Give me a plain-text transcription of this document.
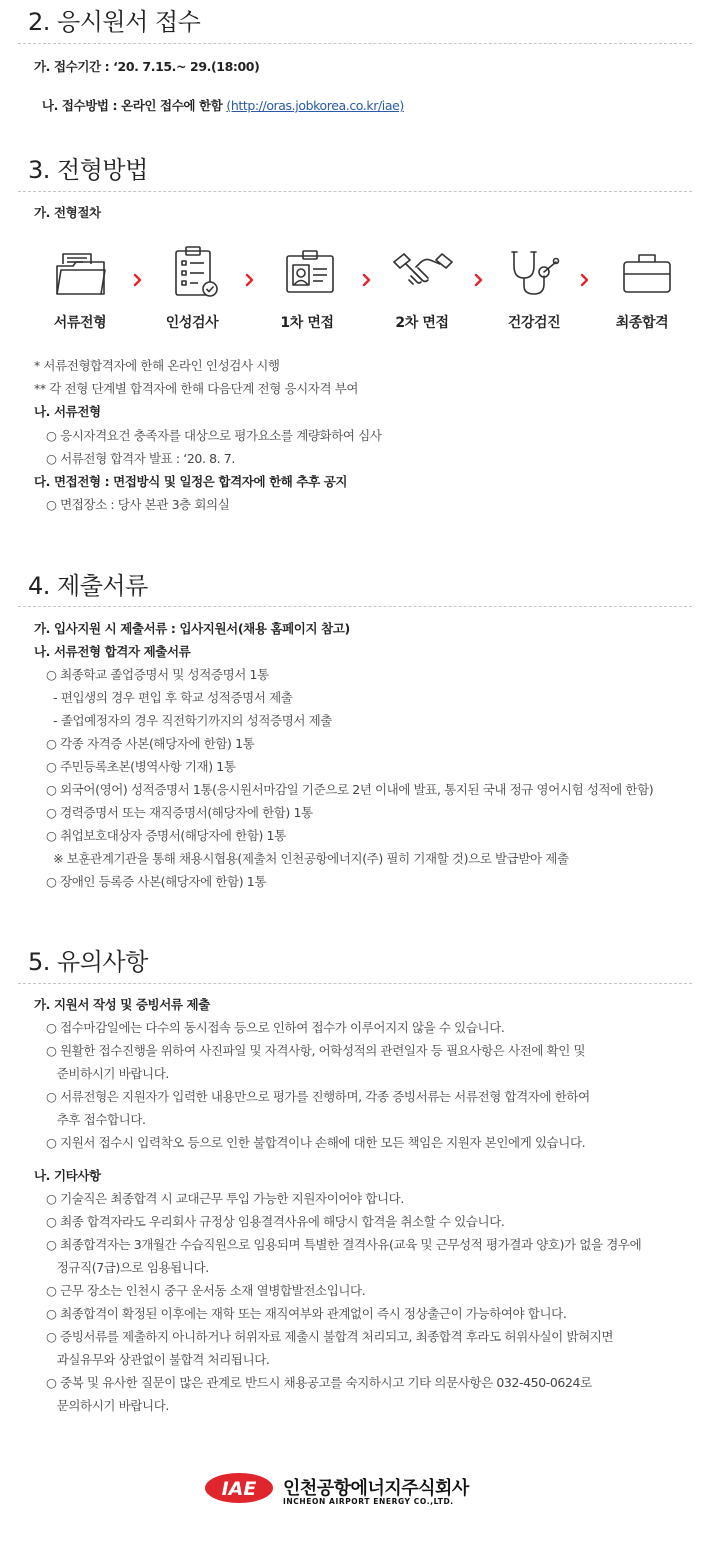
2. 응시원서 접수
가. 접수기간 : ‘20. 7.15.~ 29.(18:00)

나. 접수방법 : 온라인 접수에 한함 (http://oras.jobkorea.co.kr/iae)

3. 전형방법
가. 전형절차
서류전형	인성검사	1차 면접	2차 면접	건강검진	최종합격
* 서류전형합격자에 한해 온라인 인성검사 시행
** 각 전형 단계별 합격자에 한해 다음단계 전형 응시자격 부여
나. 서류전형
○ 응시자격요건 충족자를 대상으로 평가요소를 계량화하여 심사
○ 서류전형 합격자 발표 : ‘20. 8. 7.
다. 면접전형 : 면접방식 및 일정은 합격자에 한해 추후 공지
○ 면접장소 : 당사 본관 3층 회의실
4. 제출서류
가. 입사지원 시 제출서류 : 입사지원서(채용 홈페이지 참고)
나. 서류전형 합격자 제출서류
○ 최종학교 졸업증명서 및 성적증명서 1통
- 편입생의 경우 편입 후 학교 성적증명서 제출
- 졸업예정자의 경우 직전학기까지의 성적증명서 제출
○ 각종 자격증 사본(해당자에 한함) 1통
○ 주민등록초본(병역사항 기재) 1통
○ 외국어(영어) 성적증명서 1통(응시원서마감일 기준으로 2년 이내에 발표, 통지된 국내 정규 영어시험 성적에 한함)
○ 경력증명서 또는 재직증명서(해당자에 한함) 1통
○ 취업보호대상자 증명서(해당자에 한함) 1통
※ 보훈관계기관을 통해 채용시협용(제출처 인천공항에너지(주) 필히 기재할 것)으로 발급받아 제출
○ 장애인 등록증 사본(해당자에 한함) 1통
5. 유의사항
가. 지원서 작성 및 증빙서류 제출
○ 접수마감일에는 다수의 동시접속 등으로 인하여 접수가 이루어지지 않을 수 있습니다.
○ 원활한 접수진행을 위하여 사진파일 및 자격사항, 어학성적의 관련일자 등 필요사항은 사전에 확인 및
준비하시기 바랍니다.
○ 서류전형은 지원자가 입력한 내용만으로 평가를 진행하며, 각종 증빙서류는 서류전형 합격자에 한하여
추후 접수합니다.
○ 지원서 접수시 입력착오 등으로 인한 불합격이나 손해에 대한 모든 책임은 지원자 본인에게 있습니다.
나. 기타사항
○ 기술직은 최종합격 시 교대근무 투입 가능한 지원자이어야 합니다.
○ 최종 합격자라도 우리회사 규정상 임용결격사유에 해당시 합격을 취소할 수 있습니다.
○ 최종합격자는 3개월간 수습직원으로 임용되며 특별한 결격사유(교육 및 근무성적 평가결과 양호)가 없을 경우에
정규직(7급)으로 임용됩니다.
○ 근무 장소는 인천시 중구 운서동 소재 열병합발전소입니다.
○ 최종합격이 확정된 이후에는 재학 또는 재직여부와 관계없이 즉시 정상출근이 가능하여야 합니다.
○ 증빙서류를 제출하지 아니하거나 허위자료 제출시 불합격 처리되고, 최종합격 후라도 허위사실이 밝혀지면
과실유무와 상관없이 불합격 처리됩니다.
○ 중복 및 유사한 질문이 많은 관계로 반드시 채용공고를 숙지하시고 기타 의문사항은 032-450-0624로
문의하시기 바랍니다.
IAE 인천공항에너지주식회사
INCHEON AIRPORT ENERGY CO.,LTD.
